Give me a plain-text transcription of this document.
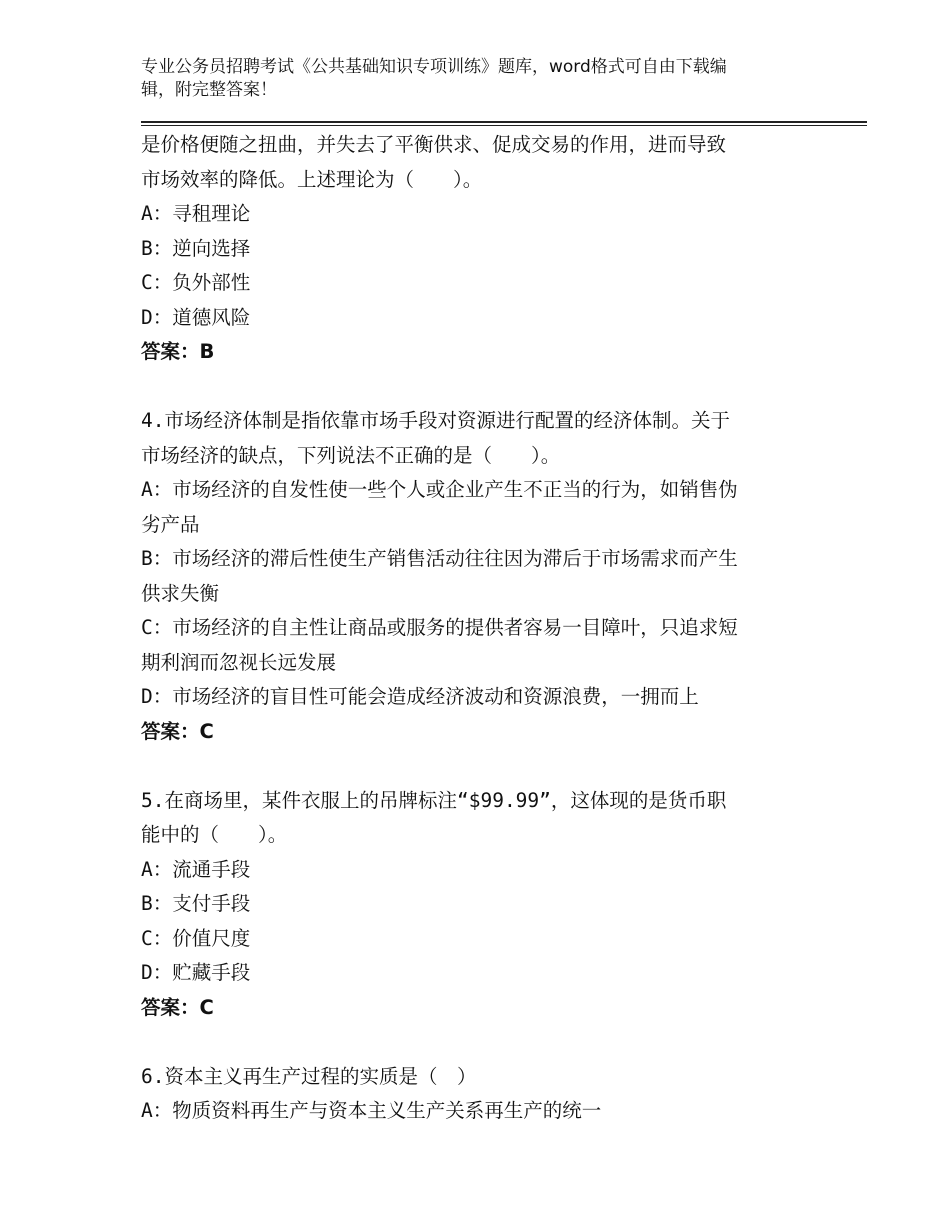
专业公务员招聘考试《公共基础知识专项训练》题库，word格式可自由下载编
辑，附完整答案！
是价格便随之扭曲，并失去了平衡供求、促成交易的作用，进而导致
市场效率的降低。上述理论为（　　）。
A：寻租理论
B：逆向选择
C：负外部性
D：道德风险
答案：B
4.市场经济体制是指依靠市场手段对资源进行配置的经济体制。关于
市场经济的缺点，下列说法不正确的是（　　）。
A：市场经济的自发性使一些个人或企业产生不正当的行为，如销售伪
劣产品
B：市场经济的滞后性使生产销售活动往往因为滞后于市场需求而产生
供求失衡
C：市场经济的自主性让商品或服务的提供者容易一目障叶，只追求短
期利润而忽视长远发展
D：市场经济的盲目性可能会造成经济波动和资源浪费，一拥而上
答案：C
5.在商场里，某件衣服上的吊牌标注“$99.99”，这体现的是货币职
能中的（　　）。
A：流通手段
B：支付手段
C：价值尺度
D：贮藏手段
答案：C
6.资本主义再生产过程的实质是（　）
A：物质资料再生产与资本主义生产关系再生产的统一
